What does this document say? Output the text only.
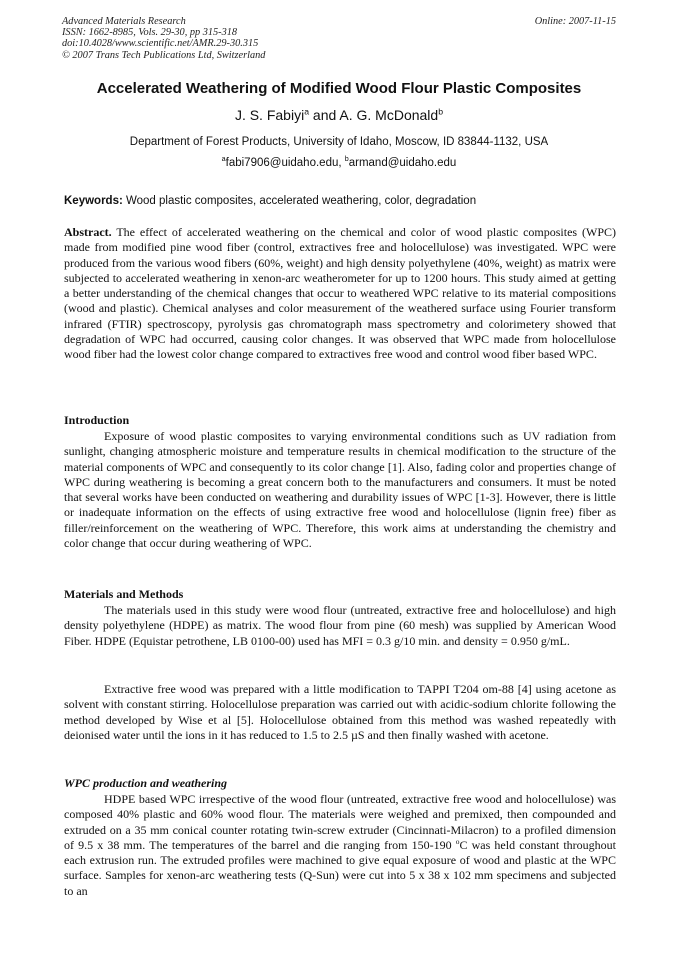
Advanced Materials Research
ISSN: 1662-8985, Vols. 29-30, pp 315-318
doi:10.4028/www.scientific.net/AMR.29-30.315
© 2007 Trans Tech Publications Ltd, Switzerland
Online: 2007-11-15
Accelerated Weathering of Modified Wood Flour Plastic Composites
J. S. Fabiyi$^a$ and A. G. McDonald$^b$
Department of Forest Products, University of Idaho, Moscow, ID 83844-1132, USA
$^a$fabi7906@uidaho.edu, $^b$armand@uidaho.edu
Keywords: Wood plastic composites, accelerated weathering, color, degradation
Abstract. The effect of accelerated weathering on the chemical and color of wood plastic composites (WPC) made from modified pine wood fiber (control, extractives free and holocellulose) was investigated. WPC were produced from the various wood fibers (60%, weight) and high density polyethylene (40%, weight) as matrix were subjected to accelerated weathering in xenon-arc weatherometer for up to 1200 hours. This study aimed at getting a better understanding of the chemical changes that occur to weathered WPC relative to its material compositions (wood and plastic). Chemical analyses and color measurement of the weathered surface using Fourier transform infrared (FTIR) spectroscopy, pyrolysis gas chromatograph mass spectrometry and colorimetery showed that degradation of WPC had occurred, causing color changes. It was observed that WPC made from holocellulose wood fiber had the lowest color change compared to extractives free wood and control wood fiber based WPC.
Introduction
Exposure of wood plastic composites to varying environmental conditions such as UV radiation from sunlight, changing atmospheric moisture and temperature results in chemical modification to the structure of the material components of WPC and consequently to its color change [1]. Also, fading color and properties change of WPC during weathering is becoming a great concern both to the manufacturers and consumers. It must be noted that several works have been conducted on weathering and durability issues of WPC [1-3]. However, there is little or inadequate information on the effects of using extractive free wood and holocellulose (lignin free) fiber as filler/reinforcement on the weathering of WPC. Therefore, this work aims at understanding the chemistry and color change that occur during weathering of WPC.
Materials and Methods
The materials used in this study were wood flour (untreated, extractive free and holocellulose) and high density polyethylene (HDPE) as matrix. The wood flour from pine (60 mesh) was supplied by American Wood Fiber. HDPE (Equistar petrothene, LB 0100-00) used has MFI = 0.3 g/10 min. and density = 0.950 g/mL.
Extractive free wood was prepared with a little modification to TAPPI T204 om-88 [4] using acetone as solvent with constant stirring. Holocellulose preparation was carried out with acidic-sodium chlorite following the method developed by Wise et al [5]. Holocellulose obtained from this method was washed repeatedly with deionised water until the ions in it has reduced to 1.5 to 2.5 µS and then finally washed with acetone.
WPC production and weathering
HDPE based WPC irrespective of the wood flour (untreated, extractive free wood and holocellulose) was composed 40% plastic and 60% wood flour. The materials were weighed and premixed, then compounded and extruded on a 35 mm conical counter rotating twin-screw extruder (Cincinnati-Milacron) to a profiled dimension of 9.5 x 38 mm. The temperatures of the barrel and die ranging from 150-190 $^o$C was held constant throughout each extrusion run. The extruded profiles were machined to give equal exposure of wood and plastic at the WPC surface. Samples for xenon-arc weathering tests (Q-Sun) were cut into 5 x 38 x 102 mm specimens and subjected to an
